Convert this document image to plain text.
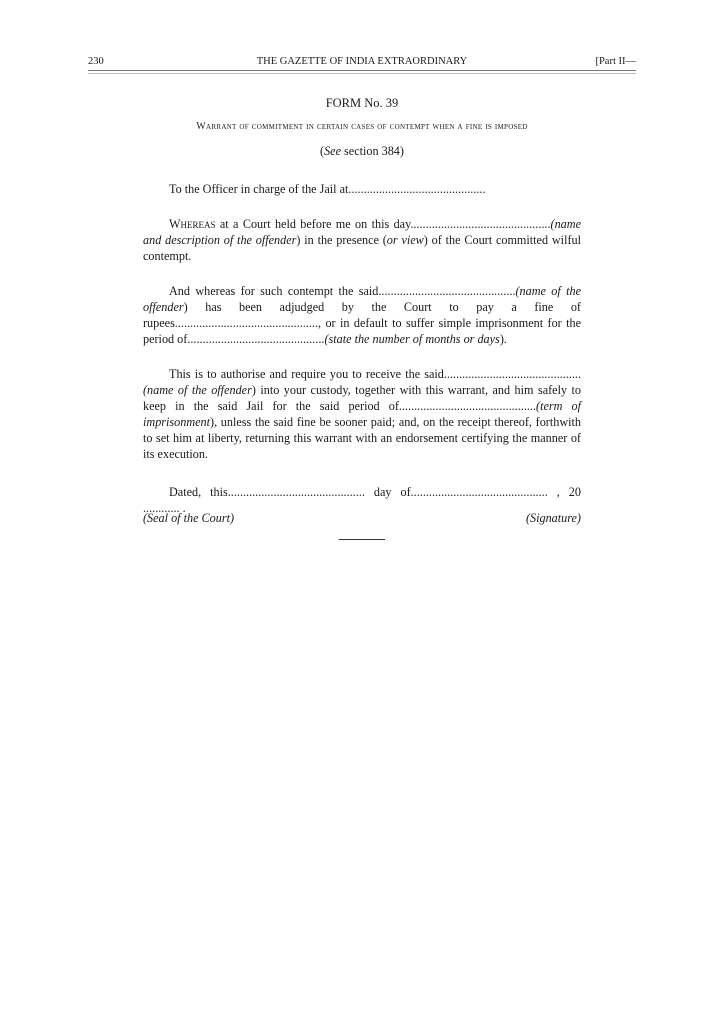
230	THE GAZETTE OF INDIA EXTRAORDINARY	[Part II—
FORM No. 39
Warrant of commitment in certain cases of contempt when a fine is imposed
(See section 384)

To the Officer in charge of the Jail at.............................................

Whereas at a Court held before me on this day..............................................(name and description of the offender) in the presence (or view) of the Court committed wilful contempt.

And whereas for such contempt the said.............................................(name of the offender) has been adjudged by the Court to pay a fine of rupees..............................................., or in default to suffer simple imprisonment for the period of.............................................(state the number of months or days).

This is to authorise and require you to receive the said.............................................(name of the offender) into your custody, together with this warrant, and him safely to keep in the said Jail for the said period of.............................................(term of imprisonment), unless the said fine be sooner paid; and, on the receipt thereof, forthwith to set him at liberty, returning this warrant with an endorsement certifying the manner of its execution.

Dated, this............................................. day of............................................. , 20 ............ .

(Seal of the Court)	(Signature)
